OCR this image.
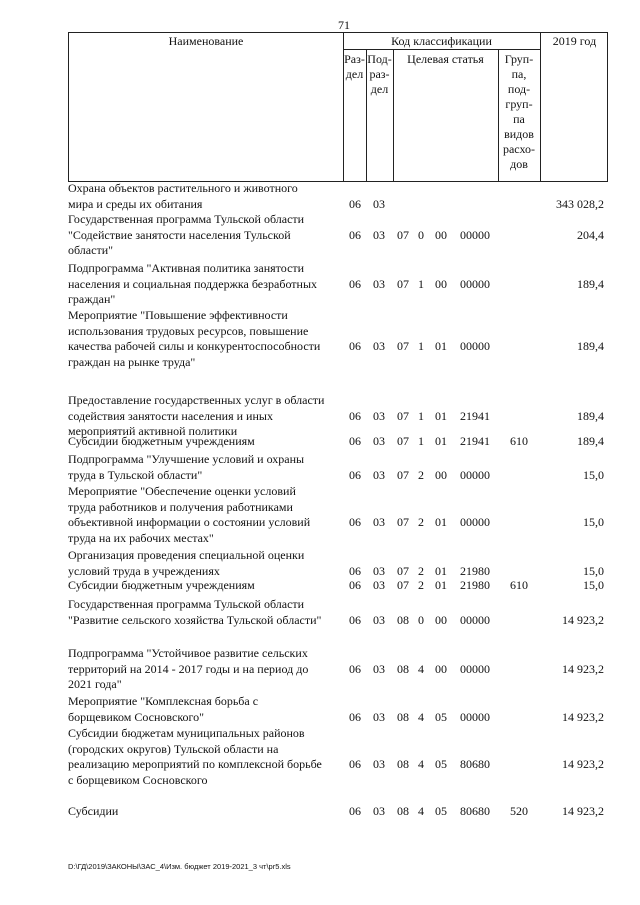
71
Наименование	Код классификации	2019 год
Раз-
дел
Под-
раз-
дел
Целевая статья	Груп-
па,
под-
груп-
па
видов
расхо-
дов
Охрана объектов растительного и животного
мира и среды их обитания	06	03	343 028,2
Государственная программа Тульской области
"Содействие занятости населения Тульской
области"
06	03	07 0 00	00000	204,4
Подпрограмма "Активная политика занятости
населения и социальная поддержка безработных
граждан"
06	03	07 1 00	00000	189,4
Мероприятие "Повышение эффективности
использования трудовых ресурсов, повышение
качества рабочей силы и конкурентоспособности
граждан на рынке труда"
06	03	07 1 01	00000	189,4
Предоставление государственных услуг в области
содействия занятости населения и иных
мероприятий активной политики
06	03	07 1 01	21941	189,4
Субсидии бюджетным учреждениям	06	03	07 1 01	21941	610	189,4
Подпрограмма "Улучшение условий и охраны
труда в Тульской области"	06	03	07 2 00	00000	15,0
Мероприятие "Обеспечение оценки условий
труда работников и получения работниками
объективной информации о состоянии условий
труда на их рабочих местах"
06	03	07 2 01	00000	15,0
Организация проведения специальной оценки
условий труда в учреждениях	06	03	07 2 01	21980	15,0
Субсидии бюджетным учреждениям	06	03	07 2 01	21980	610	15,0
Государственная программа Тульской области
"Развитие сельского хозяйства Тульской области"	06	03	08 0 00	00000	14 923,2
Подпрограмма "Устойчивое развитие сельских
территорий на 2014 - 2017 годы и на период до
2021 года"
06	03	08 4 00	00000	14 923,2
Мероприятие "Комплексная борьба с
борщевиком Сосновского"	06	03	08 4 05	00000	14 923,2
Субсидии бюджетам муниципальных районов
(городских округов) Тульской области на
реализацию мероприятий по комплексной борьбе
с борщевиком Сосновского
06	03	08 4 05	80680	14 923,2
Субсидии	06	03	08 4 05	80680	520	14 923,2
D:\ГД\2019\ЗАКОНЫ\ЗАС_4\Изм. бюджет 2019-2021_3 чт\pr5.xls
